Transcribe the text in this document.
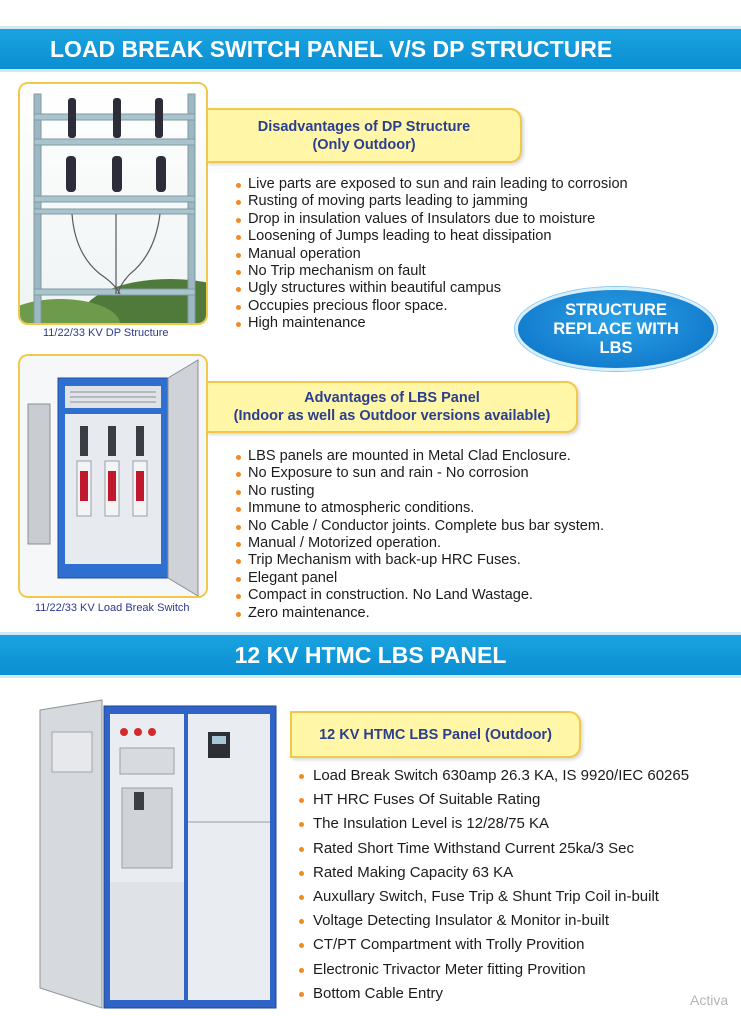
LOAD BREAK SWITCH PANEL V/S DP STRUCTURE
11/22/33 KV DP Structure
Disadvantages of DP Structure
(Only Outdoor)
Live parts are exposed to sun and rain leading to corrosion
Rusting of moving parts leading to jamming
Drop in insulation values of Insulators due to moisture
Loosening of Jumps leading to heat dissipation
Manual operation
No Trip mechanism on fault
Ugly structures within beautiful campus
Occupies precious floor space.
High maintenance
STRUCTURE
REPLACE WITH
LBS
11/22/33 KV Load Break Switch
Advantages of LBS Panel
(Indoor as well as Outdoor versions available)
LBS panels are mounted in Metal Clad Enclosure.
No Exposure to sun and rain - No corrosion
No rusting
Immune to atmospheric conditions.
No Cable / Conductor joints. Complete bus bar system.
Manual / Motorized operation.
Trip Mechanism with back-up HRC Fuses.
Elegant panel
Compact in construction. No Land Wastage.
Zero maintenance.
12 KV HTMC LBS PANEL
12 KV HTMC LBS Panel (Outdoor)
Load Break Switch 630amp 26.3 KA, IS 9920/IEC 60265
HT HRC Fuses Of Suitable Rating
The Insulation Level is 12/28/75 KA
Rated Short Time Withstand Current 25ka/3 Sec
Rated Making Capacity 63 KA
Auxullary Switch, Fuse Trip & Shunt Trip Coil in-built
Voltage Detecting Insulator & Monitor in-built
CT/PT Compartment with Trolly Provition
Electronic Trivactor Meter fitting Provition
Bottom Cable Entry	Activa
